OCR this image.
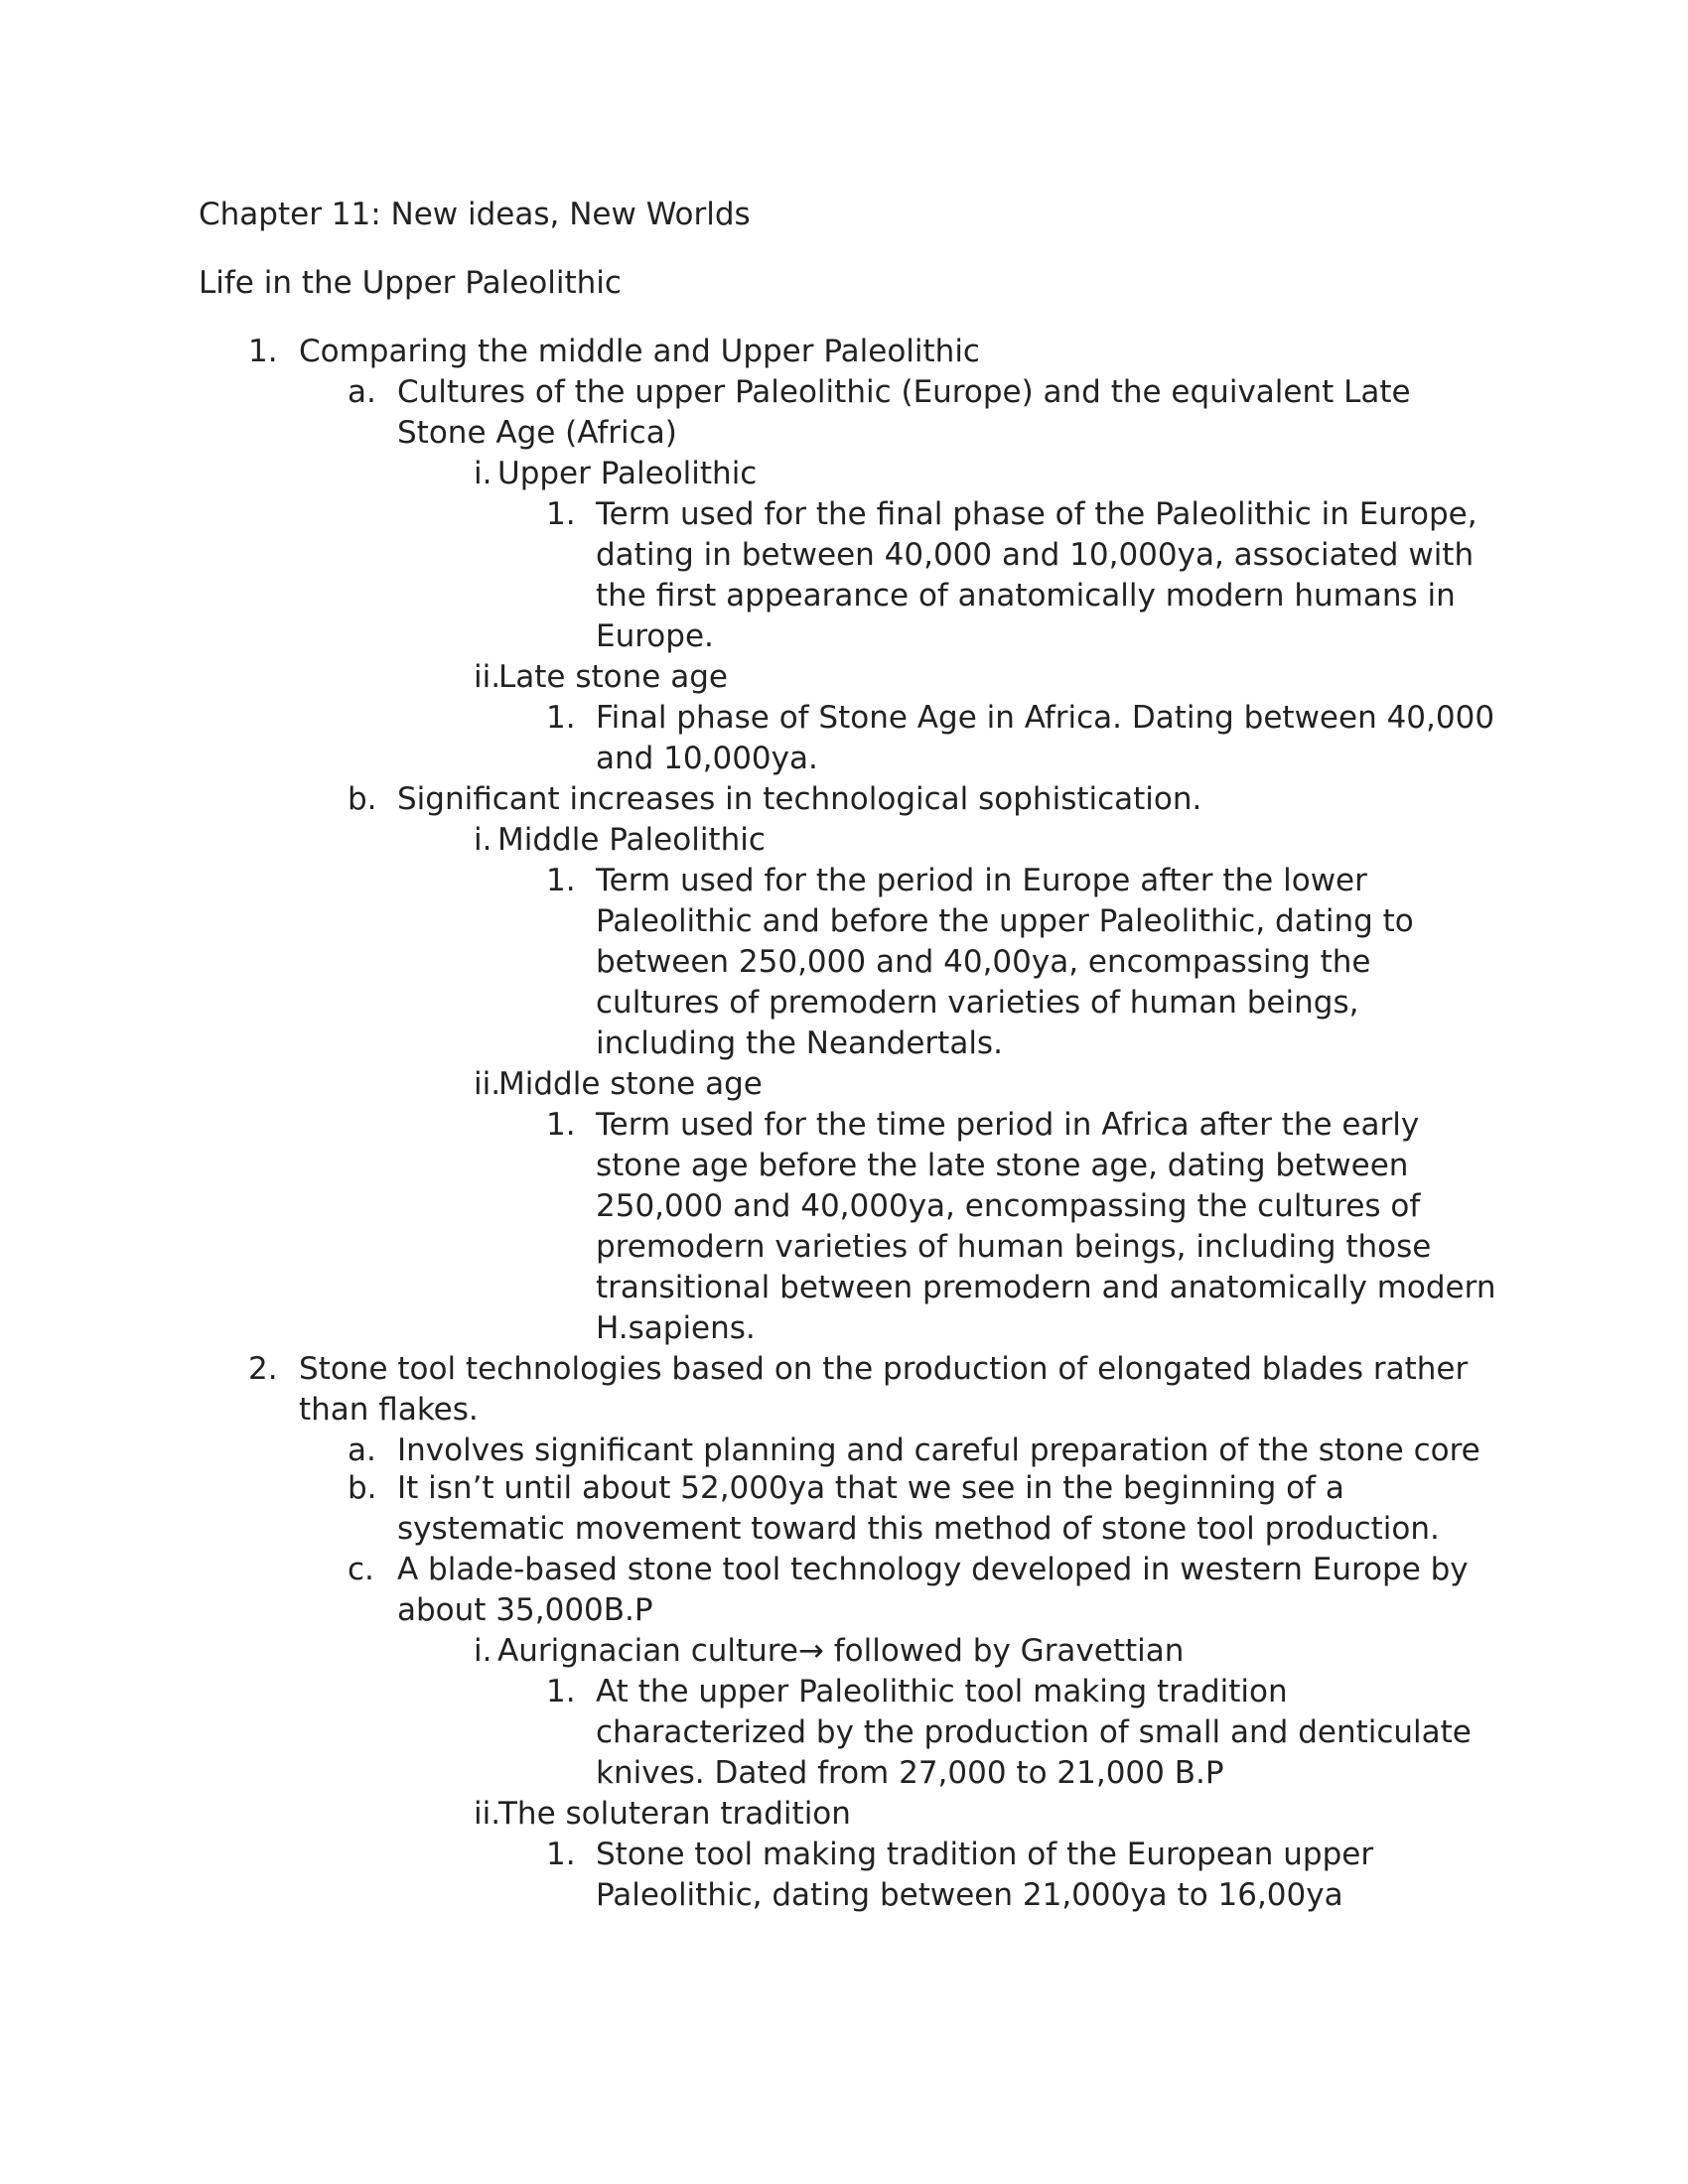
Chapter 11: New ideas, New Worlds

Life in the Upper Paleolithic

1. Comparing the middle and Upper Paleolithic
a. Cultures of the upper Paleolithic (Europe) and the equivalent Late
Stone Age (Africa)
i. Upper Paleolithic
1. Term used for the final phase of the Paleolithic in Europe,
dating in between 40,000 and 10,000ya, associated with
the first appearance of anatomically modern humans in
Europe.
ii.
Late stone age
1. Final phase of Stone Age in Africa. Dating between 40,000
and 10,000ya.
b. Significant increases in technological sophistication.
i. Middle Paleolithic
1. Term used for the period in Europe after the lower
Paleolithic and before the upper Paleolithic, dating to
between 250,000 and 40,00ya, encompassing the
cultures of premodern varieties of human beings,
including the Neandertals.
ii.
Middle stone age
1. Term used for the time period in Africa after the early
stone age before the late stone age, dating between
250,000 and 40,000ya, encompassing the cultures of
premodern varieties of human beings, including those
transitional between premodern and anatomically modern
H.sapiens.
2. Stone tool technologies based on the production of elongated blades rather
than flakes.
a. Involves significant planning and careful preparation of the stone core
b. It isn’t until about 52,000ya that we see in the beginning of a
systematic movement toward this method of stone tool production.
c. A blade-based stone tool technology developed in western Europe by
about 35,000B.P
i. Aurignacian culture→ followed by Gravettian
1. At the upper Paleolithic tool making tradition
characterized by the production of small and denticulate
knives. Dated from 27,000 to 21,000 B.P
ii.
The soluteran tradition
1. Stone tool making tradition of the European upper
Paleolithic, dating between 21,000ya to 16,00ya
